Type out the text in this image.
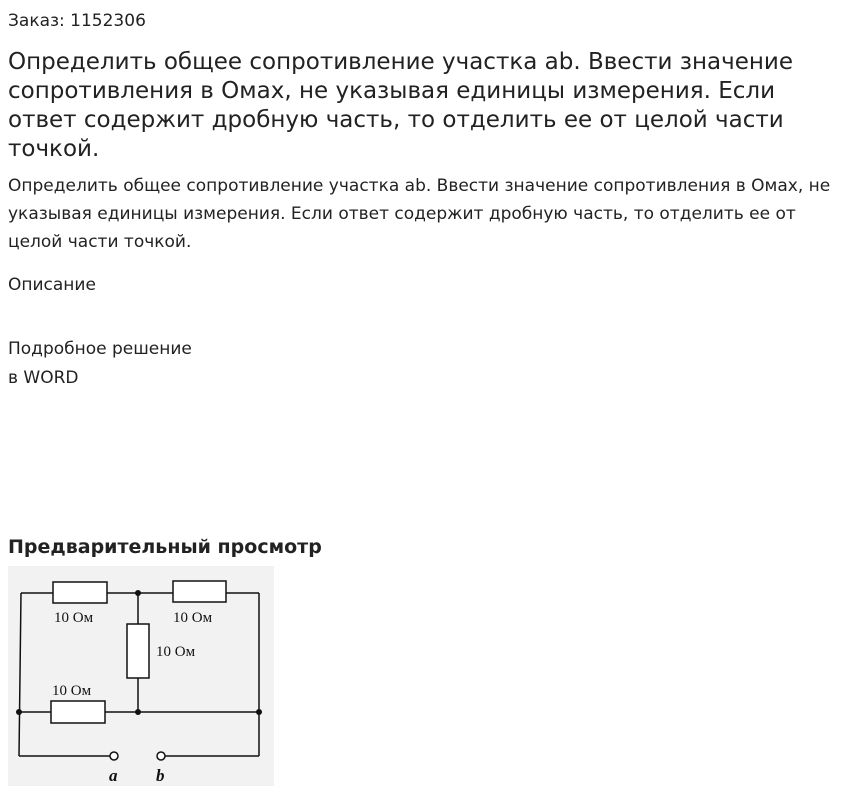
Заказ: 1152306
Определить общее сопротивление участка ab. Ввести значение сопротивления в Омах, не указывая единицы измерения. Если ответ содержит дробную часть, то отделить ее от целой части точкой.

Определить общее сопротивление участка ab. Ввести значение сопротивления в Омах, не указывая единицы измерения. Если ответ содержит дробную часть, то отделить ее от целой части точкой.

Описание
Подробное решение
в WORD
Предварительный просмотр
10 Ом	10 Ом
10 Ом
10 Ом
a b
